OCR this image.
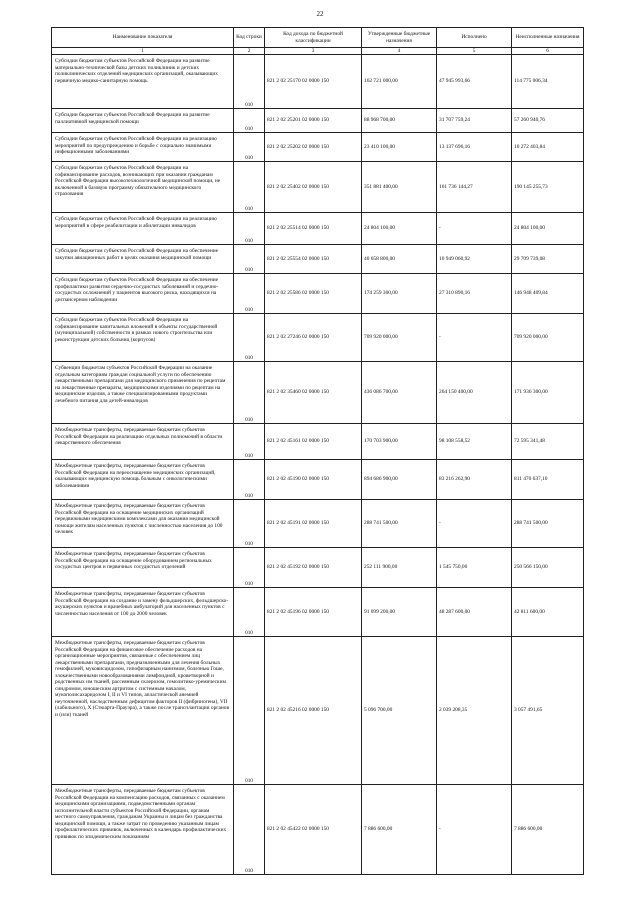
22
Наименование показателя	Код строки	Код дохода по бюджетной классификации	Утвержденные бюджетные назначения	Исполнено	Неисполненные назначения
1	2	3	4	5	6
Субсидии бюджетам субъектов Российской Федерации на развитие материально-технической базы детских поликлиник и детских поликлинических отделений медицинских организаций, оказывающих первичную медико-санитарную помощь	010	821 2 02 25170 02 0000 150	162 721 000,00	47 945 993,66	114 775 006,34
Субсидии бюджетам субъектов Российской Федерации на развитие паллиативной медицинской помощи	010	821 2 02 25201 02 0000 150	88 968 700,00	31 707 759,24	57 260 940,76
Субсидии бюджетам субъектов Российской Федерации на реализацию мероприятий по предупреждению и борьбе с социально значимыми инфекционными заболеваниями	010	821 2 02 25202 02 0000 150	23 410 100,00	13 137 696,16	10 272 403,84
Субсидии бюджетам субъектов Российской Федерации на софинансирование расходов, возникающих при оказании гражданам Российской Федерации высокотехнологичной медицинской помощи, не включенной в базовую программу обязательного медицинского страхования	010	821 2 02 25402 02 0000 150	351 881 400,00	161 736 144,27	190 145 255,73
Субсидии бюджетам субъектов Российской Федерации на реализацию мероприятий в сфере реабилитации и абилитации инвалидов	010	821 2 02 25514 02 0000 150	24 804 100,00	-	24 804 100,00
Субсидии бюджетам субъектов Российской Федерации на обеспечение закупки авиационных работ в целях оказания медицинской помощи	010	821 2 02 25554 02 0000 150	40 658 800,00	10 949 060,92	29 709 739,08
Субсидии бюджетам субъектов Российской Федерации на обеспечение профилактики развития сердечно-сосудистых заболеваний и сердечно-сосудистых осложнений у пациентов высокого риска, находящихся на диспансерном наблюдении	010	821 2 02 25586 02 0000 150	174 259 300,00	27 310 890,16	146 948 409,84
Субсидии бюджетам субъектов Российской Федерации на софинансирование капитальных вложений в объекты государственной (муниципальной) собственности в рамках нового строительства или реконструкции детских больниц (корпусов)	010	821 2 02 27246 02 0000 150	709 920 000,00	-	709 920 000,00
Субвенции бюджетам субъектов Российской Федерации на оказание отдельным категориям граждан социальной услуги по обеспечению лекарственными препаратами для медицинского применения по рецептам на лекарственные препараты, медицинскими изделиями по рецептам на медицинские изделия, а также специализированными продуктами лечебного питания для детей-инвалидов	010	821 2 02 35460 02 0000 150	436 086 700,00	264 150 400,00	171 936 300,00
Межбюджетные трансферты, передаваемые бюджетам субъектов Российской Федерации на реализацию отдельных полномочий в области лекарственного обеспечения	010	821 2 02 45161 02 0000 150	170 703 900,00	98 108 558,52	72 595 341,48
Межбюджетные трансферты, передаваемые бюджетам субъектов Российской Федерации на переоснащение медицинских организаций, оказывающих медицинскую помощь больным с онкологическими заболеваниями	010	821 2 02 45190 02 0000 150	894 686 900,00	83 216 262,90	811 470 637,10
Межбюджетные трансферты, передаваемые бюджетам субъектов Российской Федерации на оснащение медицинских организаций передвижными медицинскими комплексами для оказания медицинской помощи жителям населенных пунктов с численностью населения до 100 человек	010	821 2 02 45191 02 0000 150	288 741 500,00	-	288 741 500,00
Межбюджетные трансферты, передаваемые бюджетам субъектов Российской Федерации на оснащение оборудованием региональных сосудистых центров и первичных сосудистых отделений	010	821 2 02 45192 02 0000 150	252 111 900,00	1 545 750,00	250 566 150,00
Межбюджетные трансферты, передаваемые бюджетам субъектов Российской Федерации на создание и замену фельдшерских, фельдшерско-акушерских пунктов и врачебных амбулаторий для населенных пунктов с численностью населения от 100 до 2000 человек	010	821 2 02 45196 02 0000 150	91 099 200,00	48 287 600,00	42 811 600,00
Межбюджетные трансферты, передаваемые бюджетам субъектов Российской Федерации на финансовое обеспечение расходов на организационные мероприятия, связанные с обеспечением лиц лекарственными препаратами, предназначенными для лечения больных гемофилией, муковисцидозом, гипофизарным нанизмом, болезнью Гоше, злокачественными новообразованиями лимфоидной, кроветворной и родственных им тканей, рассеянным склерозом, гемолитико-уремическим синдромом, юношеским артритом с системным началом, мукополисахаридозом I, II и VI типов, апластической анемией неуточненной, наследственным дефицитом факторов II (фибриногена), VII (лабильного), X (Стюарта-Прауэра), а также после трансплантации органов и (или) тканей	010	821 2 02 45216 02 0000 150	5 096 700,00	2 039 208,35	3 057 491,65
Межбюджетные трансферты, передаваемые бюджетам субъектов Российской Федерации на компенсацию расходов, связанных с оказанием медицинскими организациями, подведомственными органам исполнительной власти субъектов Российской Федерации, органам местного самоуправления, гражданам Украины и лицам без гражданства медицинской помощи, а также затрат по проведению указанным лицам профилактических прививок, включенных в календарь профилактических прививок по эпидемическим показаниям	010	821 2 02 45422 02 0000 150	7 886 600,00	-	7 886 600,00
